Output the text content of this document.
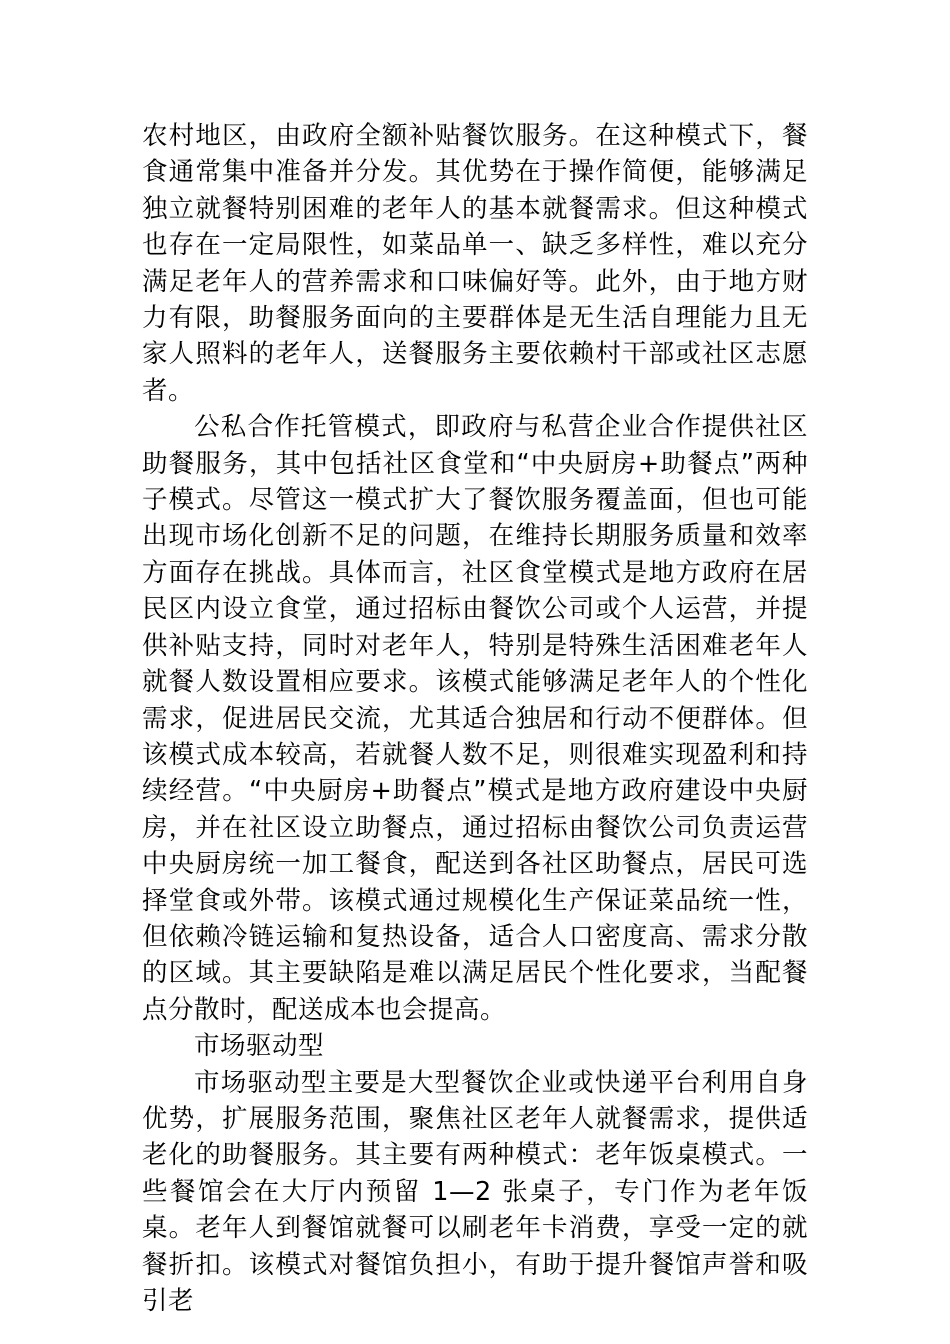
农村地区，由政府全额补贴餐饮服务。在这种模式下，餐食通常集中准备并分发。其优势在于操作简便，能够满足独立就餐特别困难的老年人的基本就餐需求。但这种模式也存在一定局限性，如菜品单一、缺乏多样性，难以充分满足老年人的营养需求和口味偏好等。此外，由于地方财力有限，助餐服务面向的主要群体是无生活自理能力且无家人照料的老年人，送餐服务主要依赖村干部或社区志愿者。

公私合作托管模式，即政府与私营企业合作提供社区助餐服务，其中包括社区食堂和“中央厨房+助餐点”两种子模式。尽管这一模式扩大了餐饮服务覆盖面，但也可能出现市场化创新不足的问题，在维持长期服务质量和效率方面存在挑战。具体而言，社区食堂模式是地方政府在居民区内设立食堂，通过招标由餐饮公司或个人运营，并提供补贴支持，同时对老年人，特别是特殊生活困难老年人就餐人数设置相应要求。该模式能够满足老年人的个性化需求，促进居民交流，尤其适合独居和行动不便群体。但该模式成本较高，若就餐人数不足，则很难实现盈利和持续经营。“中央厨房+助餐点”模式是地方政府建设中央厨房，并在社区设立助餐点，通过招标由餐饮公司负责运营中央厨房统一加工餐食，配送到各社区助餐点，居民可选择堂食或外带。该模式通过规模化生产保证菜品统一性，但依赖冷链运输和复热设备，适合人口密度高、需求分散的区域。其主要缺陷是难以满足居民个性化要求，当配餐点分散时，配送成本也会提高。

市场驱动型

市场驱动型主要是大型餐饮企业或快递平台利用自身优势，扩展服务范围，聚焦社区老年人就餐需求，提供适老化的助餐服务。其主要有两种模式：老年饭桌模式。一些餐馆会在大厅内预留 1—2 张桌子，专门作为老年饭桌。老年人到餐馆就餐可以刷老年卡消费，享受一定的就餐折扣。该模式对餐馆负担小，有助于提升餐馆声誉和吸引老
